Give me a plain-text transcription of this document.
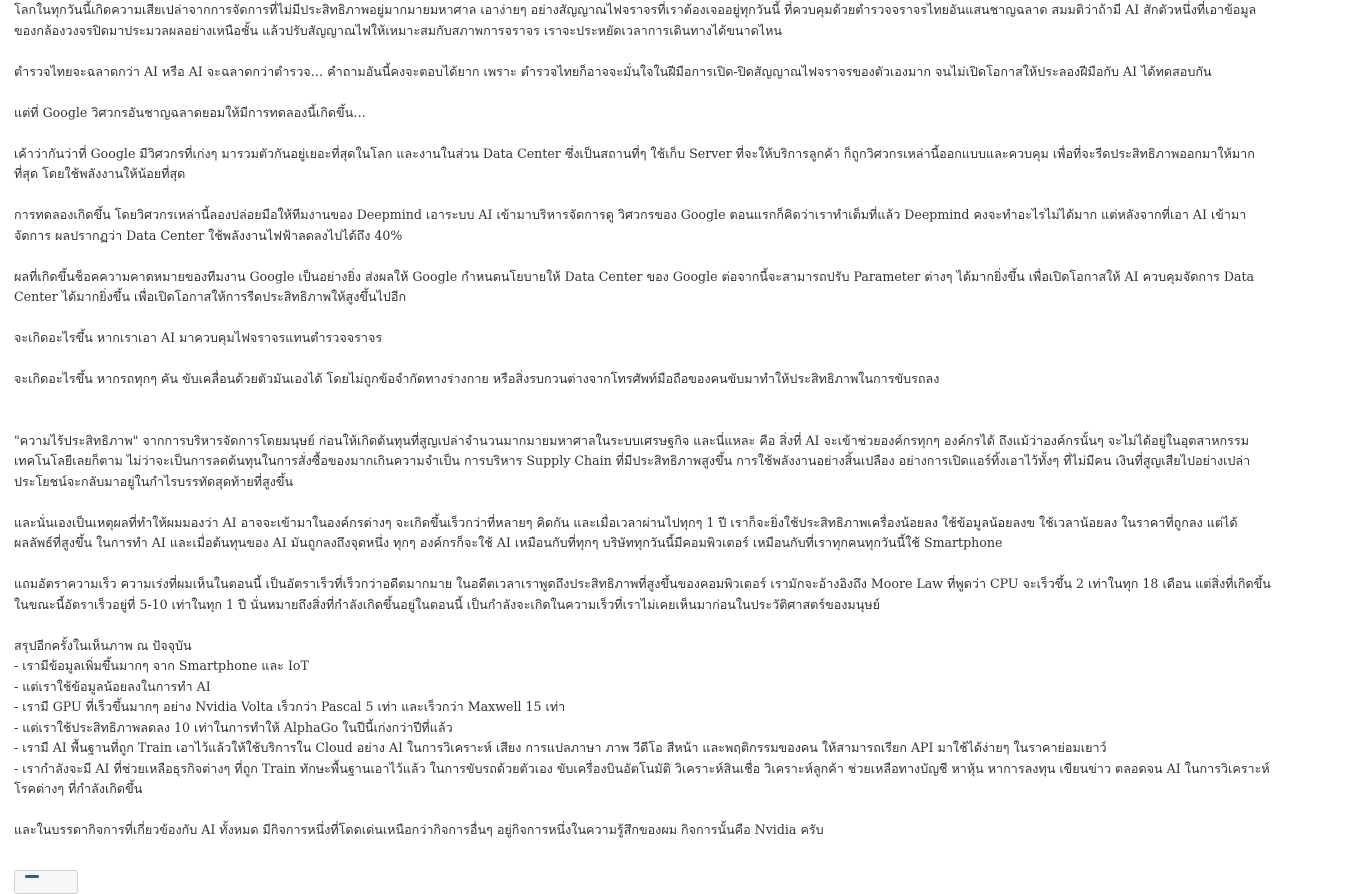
โลกในทุกวันนี้เกิดความเสียเปล่าจากการจัดการที่ไม่มีประสิทธิภาพอยู่มากมายมหาศาล เอาง่ายๆ อย่างสัญญาณไฟจราจรที่เราต้องเจออยู่ทุกวันนี้ ที่ควบคุมด้วยตำรวจจราจรไทยอันแสนชาญฉลาด สมมติว่าถ้ามี AI สักตัวหนึ่งที่เอาข้อมูลของกล้องวงจรปิดมาประมวลผลอย่างเหนือชั้น แล้วปรับสัญญาณไฟให้เหมาะสมกับสภาพการจราจร เราจะประหยัดเวลาการเดินทางได้ขนาดไหน

ตำรวจไทยจะฉลาดกว่า AI หรือ AI จะฉลาดกว่าตำรวจ… คำถามอันนี้คงจะตอบได้ยาก เพราะ ตำรวจไทยก็อาจจะมั่นใจในฝีมือการเปิด-ปิดสัญญาณไฟจราจรของตัวเองมาก จนไม่เปิดโอกาสให้ประลองฝีมือกับ AI ได้ทดสอบกัน

แต่ที่ Google วิศวกรอันชาญฉลาดยอมให้มีการทดลองนี้เกิดขึ้น…

เค้าว่ากันว่าที่ Google มีวิศวกรที่เก่งๆ มารวมตัวกันอยู่เยอะที่สุดในโลก และงานในส่วน Data Center ซึ่งเป็นสถานที่ๆ ใช้เก็บ Server ที่จะให้บริการลูกค้า ก็ถูกวิศวกรเหล่านี้ออกแบบและควบคุม เพื่อที่จะรีดประสิทธิภาพออกมาให้มากที่สุด โดยใช้พลังงานให้น้อยที่สุด

การทดลองเกิดขึ้น โดยวิศวกรเหล่านี้ลองปล่อยมือให้ทีมงานของ Deepmind เอาระบบ AI เข้ามาบริหารจัดการดู วิศวกรของ Google ตอนแรกก็คิดว่าเราทำเต็มที่แล้ว Deepmind คงจะทำอะไรไม่ได้มาก แต่หลังจากที่เอา AI เข้ามาจัดการ ผลปรากฏว่า Data Center ใช้พลังงานไฟฟ้าลดลงไปได้ถึง 40%

ผลที่เกิดขึ้นช็อคความคาดหมายของทีมงาน Google เป็นอย่างยิ่ง ส่งผลให้ Google กำหนดนโยบายให้ Data Center ของ Google ต่อจากนี้จะสามารถปรับ Parameter ต่างๆ ได้มากยิ่งขึ้น เพื่อเปิดโอกาสให้ AI ควบคุมจัดการ Data Center ได้มากยิ่งขึ้น เพื่อเปิดโอกาสให้การรีดประสิทธิภาพให้สูงขึ้นไปอีก

จะเกิดอะไรขึ้น หากเราเอา AI มาควบคุมไฟจราจรแทนตำรวจจราจร

จะเกิดอะไรขึ้น หากรถทุกๆ คัน ขับเคลื่อนด้วยตัวมันเองได้ โดยไม่ถูกข้อจำกัดทางร่างกาย หรือสิ่งรบกวนต่างจากโทรศัพท์มือถือของคนขับมาทำให้ประสิทธิภาพในการขับรถลง

"ความไร้ประสิทธิภาพ" จากการบริหารจัดการโดยมนุษย์ ก่อนให้เกิดต้นทุนที่สูญเปล่าจำนวนมากมายมหาศาลในระบบเศรษฐกิจ และนี่แหละ คือ สิ่งที่ AI จะเข้าช่วยองค์กรทุกๆ องค์กรได้ ถึงแม้ว่าองค์กรนั้นๆ จะไม่ได้อยู่ในอุตสาหกรรมเทคโนโลยีเลยก็ตาม ไม่ว่าจะเป็นการลดต้นทุนในการสั่งซื้อของมากเกินความจำเป็น การบริหาร Supply Chain ที่มีประสิทธิภาพสูงขึ้น การใช้พลังงานอย่างสิ้นเปลือง อย่างการเปิดแอร์ทิ้งเอาไว้ทั้งๆ ที่ไม่มีคน เงินที่สูญเสียไปอย่างเปล่าประโยชน์จะกลับมาอยู่ในกำไรบรรทัดสุดท้ายที่สูงขึ้น

และนั่นเองเป็นเหตุผลที่ทำให้ผมมองว่า AI อาจจะเข้ามาในองค์กรต่างๆ จะเกิดขึ้นเร็วกว่าที่หลายๆ คิดกัน และเมื่อเวลาผ่านไปทุกๆ 1 ปี เราก็จะยิ่งใช้ประสิทธิภาพเครื่องน้อยลง ใช้ข้อมูลน้อยลงข ใช้เวลาน้อยลง ในราคาที่ถูกลง แต่ได้ผลลัพธ์ที่สูงขึ้น ในการทำ AI และเมื่อต้นทุนของ AI มันถูกลงถึงจุดหนึ่ง ทุกๆ องค์กรก็จะใช้ AI เหมือนกับที่ทุกๆ บริษัททุกวันนี้มีคอมพิวเตอร์ เหมือนกับที่เราทุกคนทุกวันนี้ใช้ Smartphone

แถมอัตราความเร็ว ความเร่งที่ผมเห็นในตอนนี้ เป็นอัตราเร็วที่เร็วกว่าอดีตมากมาย ในอดีตเวลาเราพูดถึงประสิทธิภาพที่สูงขึ้นของคอมพิวเตอร์ เรามักจะอ้างอิงถึง Moore Law ที่พูดว่า CPU จะเร็วขึ้น 2 เท่าในทุก 18 เดือน แต่สิ่งที่เกิดขึ้นในขณะนี้อัตราเร็วอยู่ที่ 5-10 เท่าในทุก 1 ปี นั่นหมายถึงสิ่งที่กำลังเกิดขึ้นอยู่ในตอนนี้ เป็นกำลังจะเกิดในความเร็วที่เราไม่เคยเห็นมาก่อนในประวัติศาสตร์ของมนุษย์

สรุปอีกครั้งในเห็นภาพ ณ ปัจจุบัน
- เรามีข้อมูลเพิ่มขึ้นมากๆ จาก Smartphone และ IoT
- แต่เราใช้ข้อมูลน้อยลงในการทำ AI
- เรามี GPU ที่เร็วขึ้นมากๆ อย่าง Nvidia Volta เร็วกว่า Pascal 5 เท่า และเร็วกว่า Maxwell 15 เท่า
- แต่เราใช้ประสิทธิภาพลดลง 10 เท่าในการทำให้ AlphaGo ในปีนี้เก่งกว่าปีที่แล้ว
- เรามี AI พื้นฐานที่ถูก Train เอาไว้แล้วให้ใช้บริการใน Cloud อย่าง AI ในการวิเคราะห์ เสียง การแปลภาษา ภาพ วีดีโอ สีหน้า และพฤติกรรมของคน ให้สามารถเรียก API มาใช้ได้ง่ายๆ ในราคาย่อมเยาว์
- เรากำลังจะมี AI ที่ช่วยเหลือธุรกิจต่างๆ ที่ถูก Train ทักษะพื้นฐานเอาไว้แล้ว ในการขับรถด้วยตัวเอง ขับเครื่องบินอัตโนมัติ วิเคราะห์สินเชื่อ วิเคราะห์ลูกค้า ช่วยเหลือทางบัญชี หาหุ้น หาการลงทุน เขียนข่าว ตลอดจน AI ในการวิเคราะห์โรคต่างๆ ที่กำลังเกิดขึ้น

และในบรรดากิจการที่เกี่ยวข้องกับ AI ทั้งหมด มีกิจการหนึ่งที่โดดเด่นเหนือกว่ากิจการอื่นๆ อยู่กิจการหนึ่งในความรู้สึกของผม กิจการนั้นคือ Nvidia ครับ
